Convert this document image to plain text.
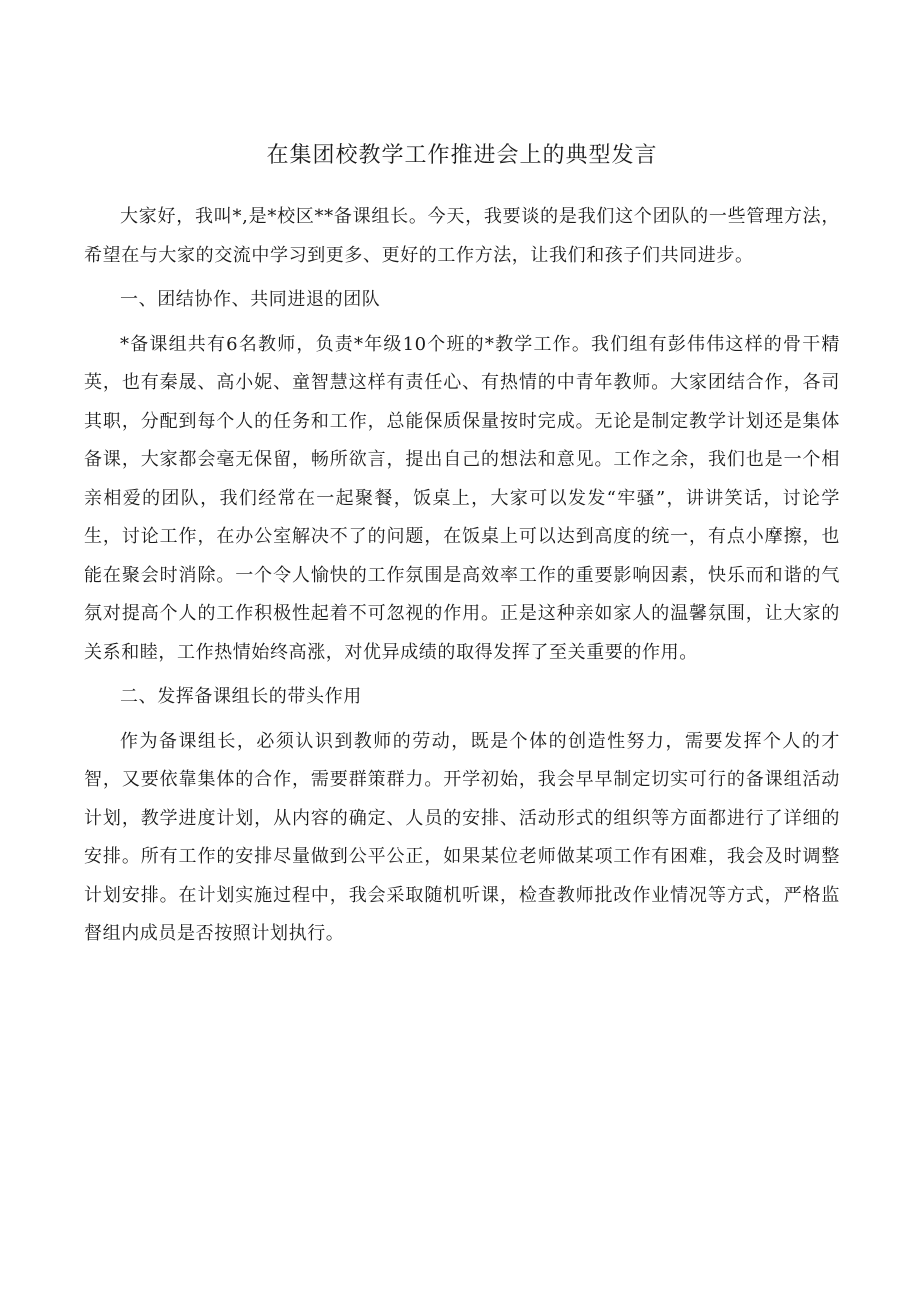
在集团校教学工作推进会上的典型发言

大家好，我叫*,是*校区**备课组长。今天，我要谈的是我们这个团队的一些管理方法，希望在与大家的交流中学习到更多、更好的工作方法，让我们和孩子们共同进步。

一、团结协作、共同进退的团队

*备课组共有6名教师，负责*年级10个班的*教学工作。我们组有彭伟伟这样的骨干精英，也有秦晟、高小妮、童智慧这样有责任心、有热情的中青年教师。大家团结合作，各司其职，分配到每个人的任务和工作，总能保质保量按时完成。无论是制定教学计划还是集体备课，大家都会毫无保留，畅所欲言，提出自己的想法和意见。工作之余，我们也是一个相亲相爱的团队，我们经常在一起聚餐，饭桌上，大家可以发发“牢骚”，讲讲笑话，讨论学生，讨论工作，在办公室解决不了的问题，在饭桌上可以达到高度的统一，有点小摩擦，也能在聚会时消除。一个令人愉快的工作氛围是高效率工作的重要影响因素，快乐而和谐的气氛对提高个人的工作积极性起着不可忽视的作用。正是这种亲如家人的温馨氛围，让大家的关系和睦，工作热情始终高涨，对优异成绩的取得发挥了至关重要的作用。

二、发挥备课组长的带头作用

作为备课组长，必须认识到教师的劳动，既是个体的创造性努力，需要发挥个人的才智，又要依靠集体的合作，需要群策群力。开学初始，我会早早制定切实可行的备课组活动计划，教学进度计划，从内容的确定、人员的安排、活动形式的组织等方面都进行了详细的安排。所有工作的安排尽量做到公平公正，如果某位老师做某项工作有困难，我会及时调整计划安排。在计划实施过程中，我会采取随机听课，检查教师批改作业情况等方式，严格监督组内成员是否按照计划执行。
